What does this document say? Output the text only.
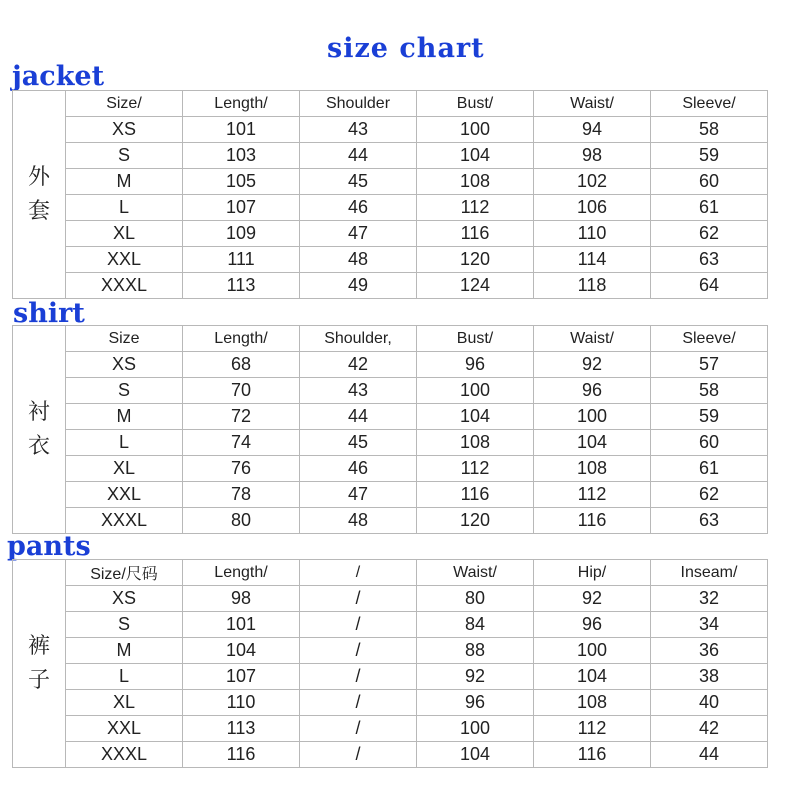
size chart
jacket
外
套	Size/	Length/	Shoulder	Bust/	Waist/	Sleeve/
	XS	101	43	100	94	58
	S	103	44	104	98	59
	M	105	45	108	102	60
	L	107	46	112	106	61
	XL	109	47	116	110	62
	XXL	111	48	120	114	63
	XXXL	113	49	124	118	64
shirt
衬
衣	Size	Length/	Shoulder,	Bust/	Waist/	Sleeve/
	XS	68	42	96	92	57
	S	70	43	100	96	58
	M	72	44	104	100	59
	L	74	45	108	104	60
	XL	76	46	112	108	61
	XXL	78	47	116	112	62
	XXXL	80	48	120	116	63
pants
裤
子	Size/尺码	Length/	/	Waist/	Hip/	Inseam/
	XS	98	/	80	92	32
	S	101	/	84	96	34
	M	104	/	88	100	36
	L	107	/	92	104	38
	XL	110	/	96	108	40
	XXL	113	/	100	112	42
	XXXL	116	/	104	116	44
